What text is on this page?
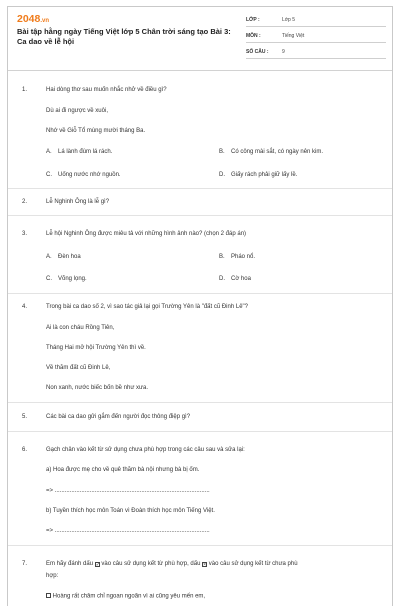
2048.vn
Bài tập hằng ngày Tiếng Việt lớp 5 Chân trời sáng tạo Bài 3: Ca dao về lễ hội
LỚP :	Lớp 5
MÔN :	Tiếng Việt
SỐ CÂU :	9
1.	Hai dòng thơ sau muốn nhắc nhở về điều gì?
Dù ai đi ngược về xuôi,
Nhớ về Giỗ Tổ mùng mười tháng Ba.
A. Lá lành đùm lá rách.	B. Có công mài sắt, có ngày nên kim.
C. Uống nước nhớ nguồn.	D. Giấy rách phải giữ lấy lề.
2.	Lễ Nghinh Ông là lễ gì?
3.	Lễ hội Nghinh Ông được miêu tả với những hình ảnh nào? (chọn 2 đáp án)
A. Đèn hoa	B. Pháo nổ.
C. Võng lọng.	D. Cờ hoa
4.	Trong bài ca dao số 2, vì sao tác giả lại gọi Trường Yên là "đất cũ Đinh Lê"?
Ai là con cháu Rồng Tiên,
Tháng Hai mở hội Trường Yên thì về.
Về thăm đất cũ Đinh Lê,
Non xanh, nước biếc bốn bề như xưa.
5.	Các bài ca dao gửi gắm đến người đọc thông điệp gì?
6.	Gạch chân vào kết từ sử dụng chưa phù hợp trong các câu sau và sửa lại:
a) Hoa được mẹ cho về quê thăm bà nội nhưng bà bị ốm.
=> .............................................................................................
b) Tuyền thích học môn Toán vì Đoàn thích học môn Tiếng Việt.
=> .............................................................................................
7.	Em hãy đánh dấu ✓ vào câu sử dụng kết từ phù hợp, dấu × vào câu sử dụng kết từ chưa phù
hợp:
Hoàng rất chăm chỉ ngoan ngoãn vì ai cũng yêu mến em,
